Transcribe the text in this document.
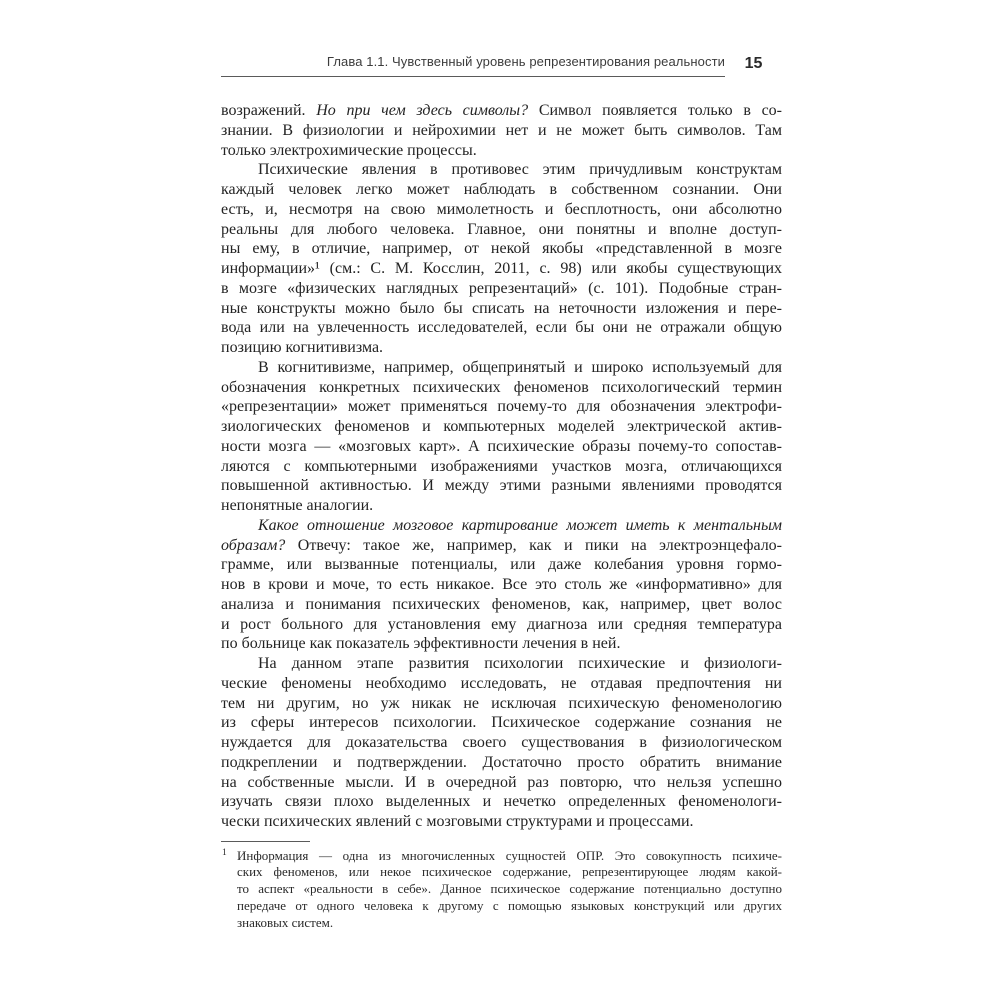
Глава 1.1. Чувственный уровень репрезентирования реальности	15
возражений. Но при чем здесь символы? Символ появляется только в со-
знании. В физиологии и нейрохимии нет и не может быть символов. Там
только электрохимические процессы.
Психические явления в противовес этим причудливым конструктам
каждый человек легко может наблюдать в собственном сознании. Они
есть, и, несмотря на свою мимолетность и бесплотность, они абсолютно
реальны для любого человека. Главное, они понятны и вполне доступ-
ны ему, в отличие, например, от некой якобы «представленной в мозге
информации»¹ (см.: С. М. Косслин, 2011, с. 98) или якобы существующих
в мозге «физических наглядных репрезентаций» (с. 101). Подобные стран-
ные конструкты можно было бы списать на неточности изложения и пере-
вода или на увлеченность исследователей, если бы они не отражали общую
позицию когнитивизма.
В когнитивизме, например, общепринятый и широко используемый для
обозначения конкретных психических феноменов психологический термин
«репрезентации» может применяться почему-то для обозначения электрофи-
зиологических феноменов и компьютерных моделей электрической актив-
ности мозга — «мозговых карт». А психические образы почему-то сопостав-
ляются с компьютерными изображениями участков мозга, отличающихся
повышенной активностью. И между этими разными явлениями проводятся
непонятные аналогии.
Какое отношение мозговое картирование может иметь к ментальным
образам? Отвечу: такое же, например, как и пики на электроэнцефало-
грамме, или вызванные потенциалы, или даже колебания уровня гормо-
нов в крови и моче, то есть никакое. Все это столь же «информативно» для
анализа и понимания психических феноменов, как, например, цвет волос
и рост больного для установления ему диагноза или средняя температура
по больнице как показатель эффективности лечения в ней.
На данном этапе развития психологии психические и физиологи-
ческие феномены необходимо исследовать, не отдавая предпочтения ни
тем ни другим, но уж никак не исключая психическую феноменологию
из сферы интересов психологии. Психическое содержание сознания не
нуждается для доказательства своего существования в физиологическом
подкреплении и подтверждении. Достаточно просто обратить внимание
на собственные мысли. И в очередной раз повторю, что нельзя успешно
изучать связи плохо выделенных и нечетко определенных феноменологи-
чески психических явлений с мозговыми структурами и процессами.
1 Информация — одна из многочисленных сущностей ОПР. Это совокупность психиче-
ских феноменов, или некое психическое содержание, репрезентирующее людям какой-
то аспект «реальности в себе». Данное психическое содержание потенциально доступно
передаче от одного человека к другому с помощью языковых конструкций или других
знаковых систем.
